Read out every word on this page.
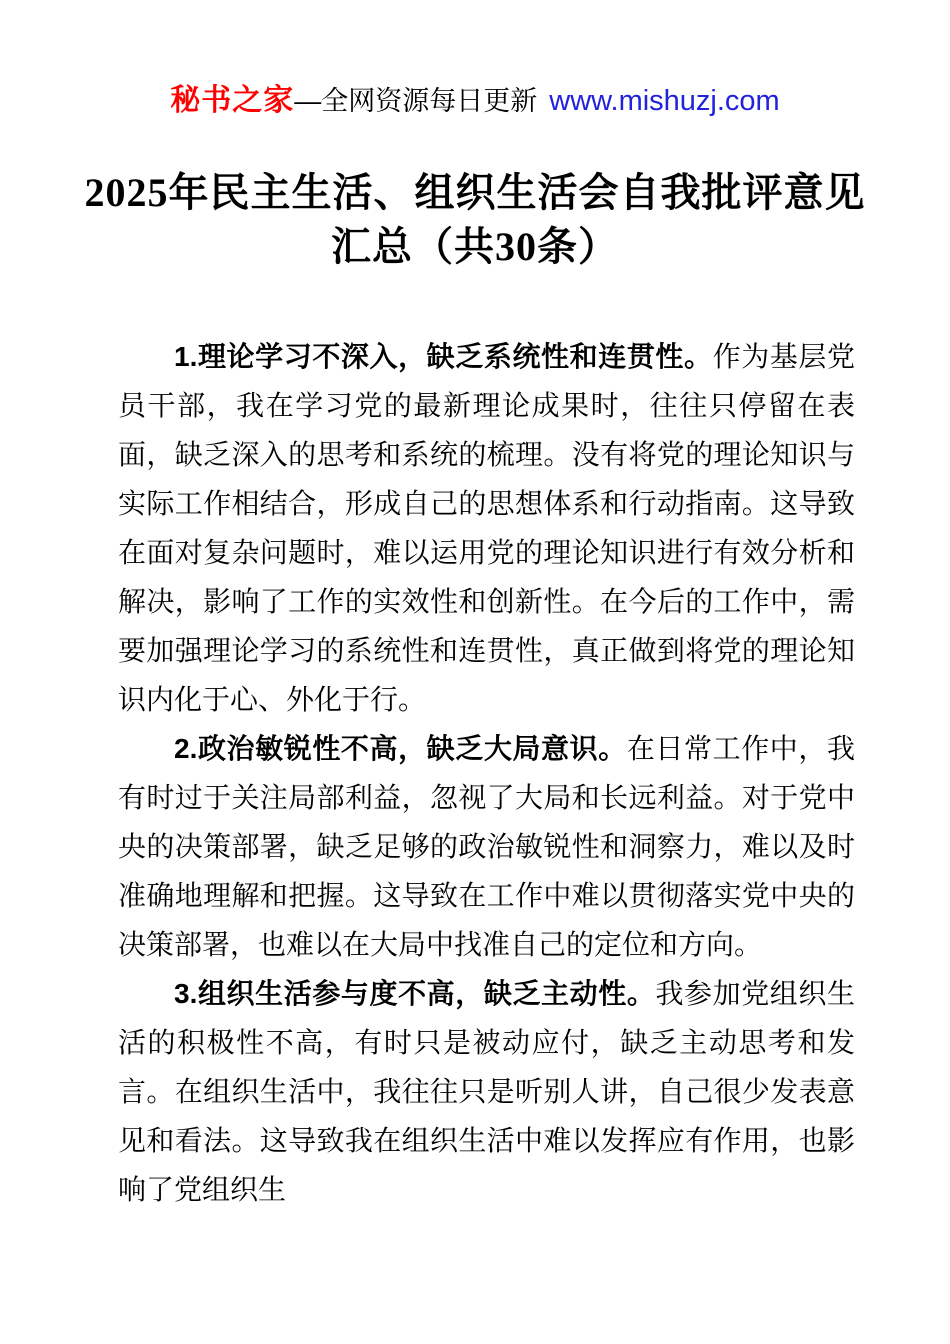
秘书之家—全网资源每日更新 www.mishuzj.com
2025年民主生活、组织生活会自我批评意见
汇总（共30条）

1.理论学习不深入，缺乏系统性和连贯性。作为基层党员干部，我在学习党的最新理论成果时，往往只停留在表面，缺乏深入的思考和系统的梳理。没有将党的理论知识与实际工作相结合，形成自己的思想体系和行动指南。这导致在面对复杂问题时，难以运用党的理论知识进行有效分析和解决，影响了工作的实效性和创新性。在今后的工作中，需要加强理论学习的系统性和连贯性，真正做到将党的理论知识内化于心、外化于行。

2.政治敏锐性不高，缺乏大局意识。在日常工作中，我有时过于关注局部利益，忽视了大局和长远利益。对于党中央的决策部署，缺乏足够的政治敏锐性和洞察力，难以及时准确地理解和把握。这导致在工作中难以贯彻落实党中央的决策部署，也难以在大局中找准自己的定位和方向。

3.组织生活参与度不高，缺乏主动性。我参加党组织生活的积极性不高，有时只是被动应付，缺乏主动思考和发言。在组织生活中，我往往只是听别人讲，自己很少发表意见和看法。这导致我在组织生活中难以发挥应有作用，也影响了党组织生
